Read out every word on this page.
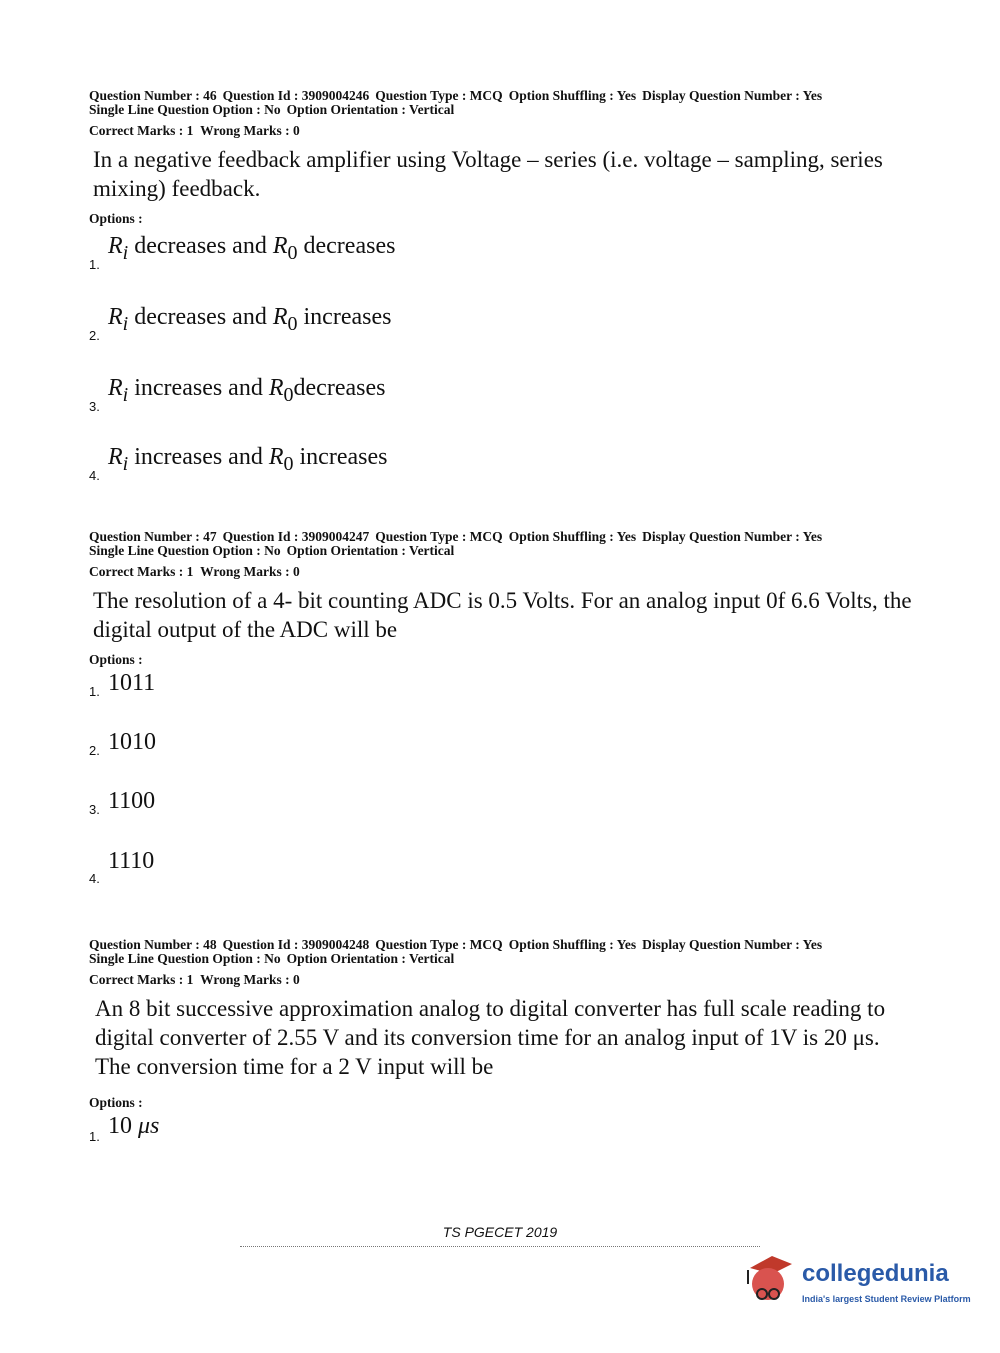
Question Number : 46 Question Id : 3909004246 Question Type : MCQ Option Shuffling : Yes Display Question Number : Yes
Single Line Question Option : No Option Orientation : Vertical
Correct Marks : 1 Wrong Marks : 0
In a negative feedback amplifier using Voltage – series (i.e. voltage – sampling, series mixing) feedback.
Options :
1.
$R_i$ decreases and $R_0$ decreases
2.
$R_i$ decreases and $R_0$ increases
3.
$R_i$ increases and $R_0decreases$
4.
$R_i$ increases and $R_0$ increases
Question Number : 47 Question Id : 3909004247 Question Type : MCQ Option Shuffling : Yes Display Question Number : Yes
Single Line Question Option : No Option Orientation : Vertical
Correct Marks : 1 Wrong Marks : 0
The resolution of a 4- bit counting ADC is 0.5 Volts. For an analog input 0f 6.6 Volts, the digital output of the ADC will be
Options :
1. 1011
2. 1010
3. 1100
4.
1110
Question Number : 48 Question Id : 3909004248 Question Type : MCQ Option Shuffling : Yes Display Question Number : Yes
Single Line Question Option : No Option Orientation : Vertical
Correct Marks : 1 Wrong Marks : 0
An 8 bit successive approximation analog to digital converter has full scale reading to digital converter of 2.55 V and its conversion time for an analog input of 1V is 20 μs. The conversion time for a 2 V input will be
Options :
1. 10 μs
TS PGECET 2019
collegedunia
India's largest Student Review Platform
